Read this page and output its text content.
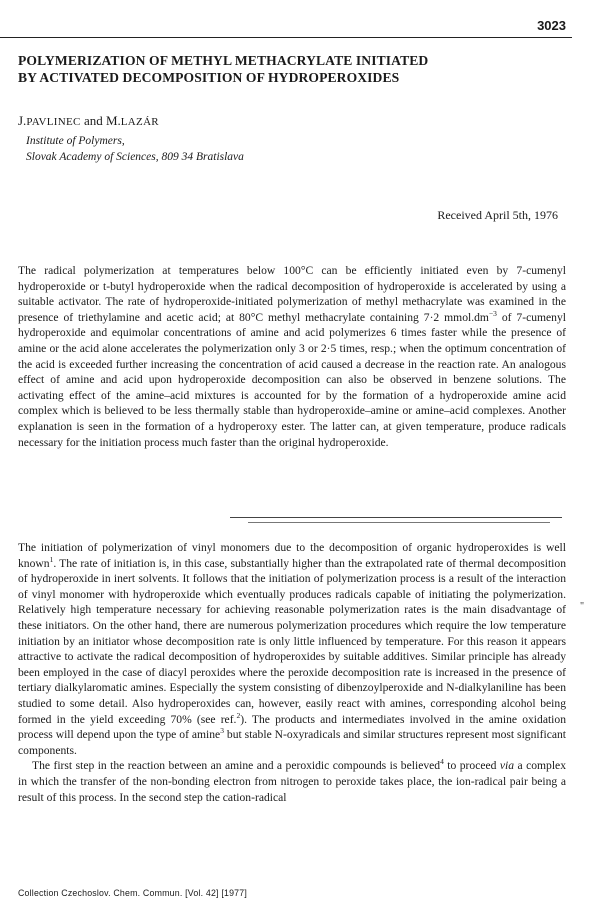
3023
POLYMERIZATION OF METHYL METHACRYLATE INITIATED
BY ACTIVATED DECOMPOSITION OF HYDROPEROXIDES

J.PAVLINEC and M.LAZÁR

Institute of Polymers,
Slovak Academy of Sciences, 809 34 Bratislava
Received April 5th, 1976

The radical polymerization at temperatures below 100°C can be efficiently initiated even by 7-cumenyl hydroperoxide or t-butyl hydroperoxide when the radical decomposition of hydroperoxide is accelerated by using a suitable activator. The rate of hydroperoxide-initiated polymerization of methyl methacrylate was examined in the presence of triethylamine and acetic acid; at 80°C methyl methacrylate containing 7·2 $mmol.dm^{-3}$ of 7-cumenyl hydroperoxide and equimolar concentrations of amine and acid polymerizes 6 times faster while the presence of amine or the acid alone accelerates the polymerization only 3 or 2·5 times, resp.; when the optimum concentration of the acid is exceeded further increasing the concentration of acid caused a decrease in the reaction rate. An analogous effect of amine and acid upon hydroperoxide decomposition can also be observed in benzene solutions. The activating effect of the amine–acid mixtures is accounted for by the formation of a hydroperoxide amine acid complex which is believed to be less thermally stable than hydroperoxide–amine or amine–acid complexes. Another explanation is seen in the formation of a hydroperoxy ester. The latter can, at given temperature, produce radicals necessary for the initiation process much faster than the original hydroperoxide.

The initiation of polymerization of vinyl monomers due to the decomposition of organic hydroperoxides is well known$^1$. The rate of initiation is, in this case, substantially higher than the extrapolated rate of thermal decomposition of hydroperoxide in inert solvents. It follows that the initiation of polymerization process is a result of the interaction of vinyl monomer with hydroperoxide which eventually produces radicals capable of initiating the polymerization. Relatively high temperature necessary for achieving reasonable polymerization rates is the main disadvantage of these initiators. On the other hand, there are numerous polymerization procedures which require the low temperature initiation by an initiator whose decomposition rate is only little influenced by temperature. For this reason it appears attractive to activate the radical decomposition of hydroperoxides by suitable additives. Similar principle has already been employed in the case of diacyl peroxides where the peroxide decomposition rate is increased in the presence of tertiary dialkylaromatic amines. Especially the system consisting of dibenzoylperoxide and N-dialkylaniline has been studied to some detail. Also hydroperoxides can, however, easily react with amines, corresponding alcohol being formed in the yield exceeding 70% (see ref.$^2$). The products and intermediates involved in the amine oxidation process will depend upon the type of amine$^3$ but stable N-oxyradicals and similar structures represent most significant components.

The first step in the reaction between an amine and a peroxidic compounds is believed$^4$ to proceed via a complex in which the transfer of the non-bonding electron from nitrogen to peroxide takes place, the ion-radical pair being a result of this process. In the second step the cation-radical

"
Collection Czechoslov. Chem. Commun. [Vol. 42] [1977]
